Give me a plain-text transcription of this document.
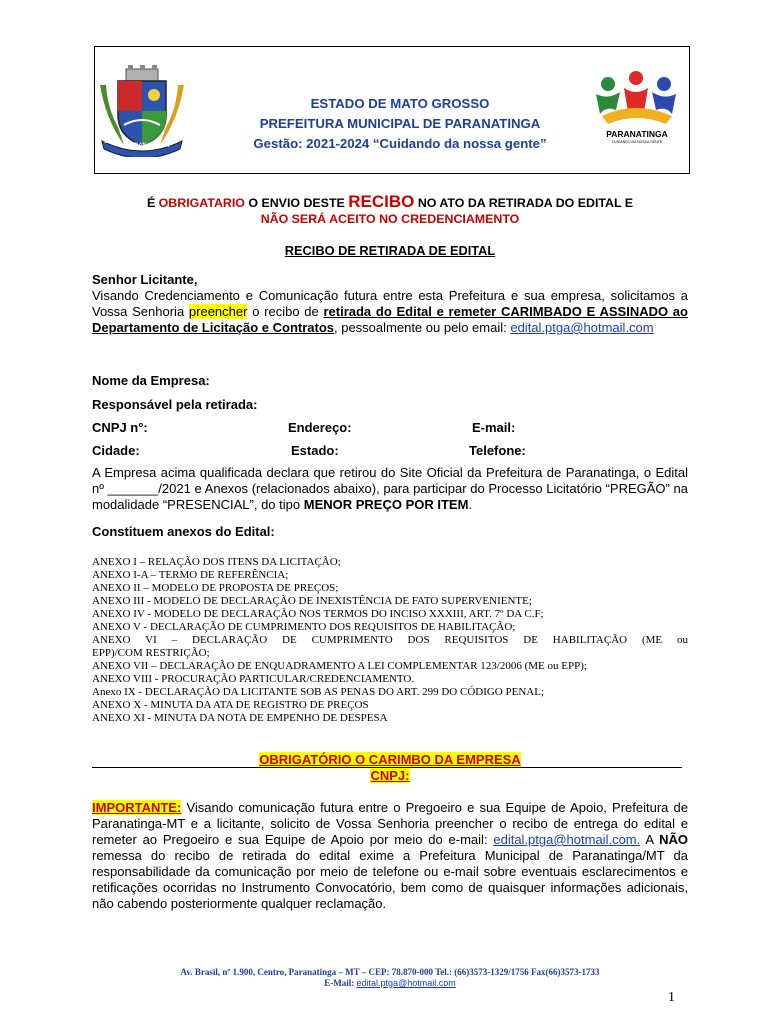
PARANATINGA
1964	1979
ESTADO DE MATO GROSSO
PREFEITURA MUNICIPAL DE PARANATINGA
Gestão: 2021-2024 “Cuidando da nossa gente”
PARANATINGA
CUIDANDO DA NOSSA GENTE
É OBRIGATARIO O ENVIO DESTE RECIBO NO ATO DA RETIRADA DO EDITAL E
NÃO SERÁ ACEITO NO CREDENCIAMENTO
RECIBO DE RETIRADA DE EDITAL
Senhor Licitante,
Visando Credenciamento e Comunicação futura entre esta Prefeitura e sua empresa, solicitamos a Vossa Senhoria preencher o recibo de retirada do Edital e remeter CARIMBADO E ASSINADO ao Departamento de Licitação e Contratos, pessoalmente ou pelo email: edital.ptga@hotmail.com
Nome da Empresa:
Responsável pela retirada:
CNPJ n°:	Endereço:	E-mail:
Cidade:	Estado:	Telefone:
A Empresa acima qualificada declara que retirou do Site Oficial da Prefeitura de Paranatinga, o Edital nº _______/2021 e Anexos (relacionados abaixo), para participar do Processo Licitatório “PREGÃO” na modalidade “PRESENCIAL”, do tipo MENOR PREÇO POR ITEM.
Constituem anexos do Edital:
ANEXO I – RELAÇÃO DOS ITENS DA LICITAÇÃO;
ANEXO I-A – TERMO DE REFERÊNCIA;
ANEXO II – MODELO DE PROPOSTA DE PREÇOS;
ANEXO III - MODELO DE DECLARAÇÃO DE INEXISTÊNCIA DE FATO SUPERVENIENTE;
ANEXO IV - MODELO DE DECLARAÇÃO NOS TERMOS DO INCISO XXXIII, ART. 7º DA C.F;
ANEXO V - DECLARAÇÃO DE CUMPRIMENTO DOS REQUISITOS DE HABILITAÇÃO;
ANEXO VI – DECLARAÇÃO DE CUMPRIMENTO DOS REQUISITOS DE HABILITAÇÃO (ME ou
EPP)/COM RESTRIÇÃO;
ANEXO VII – DECLARAÇÃO DE ENQUADRAMENTO A LEI COMPLEMENTAR 123/2006 (ME ou EPP);
ANEXO VIII - PROCURAÇÃO PARTICULAR/CREDENCIAMENTO.
Anexo IX - DECLARAÇÃO DA LICITANTE SOB AS PENAS DO ART. 299 DO CÓDIGO PENAL;
ANEXO X - MINUTA DA ATA DE REGISTRO DE PREÇOS
ANEXO XI - MINUTA DA NOTA DE EMPENHO DE DESPESA
OBRIGATÓRIO O CARIMBO DA EMPRESA
CNPJ:
IMPORTANTE: Visando comunicação futura entre o Pregoeiro e sua Equipe de Apoio, Prefeitura de Paranatinga-MT e a licitante, solicito de Vossa Senhoria preencher o recibo de entrega do edital e remeter ao Pregoeiro e sua Equipe de Apoio por meio do e-mail: edital.ptga@hotmail.com. A NÃO remessa do recibo de retirada do edital exime a Prefeitura Municipal de Paranatinga/MT da responsabilidade da comunicação por meio de telefone ou e-mail sobre eventuais esclarecimentos e retificações ocorridas no Instrumento Convocatório, bem como de quaisquer informações adicionais, não cabendo posteriormente qualquer reclamação.
Av. Brasil, nº 1.900, Centro, Paranatinga – MT – CEP: 78.870-000 Tel.: (66)3573-1329/1756 Fax(66)3573-1733
E-Mail: edital.ptga@hotmail.com
1
